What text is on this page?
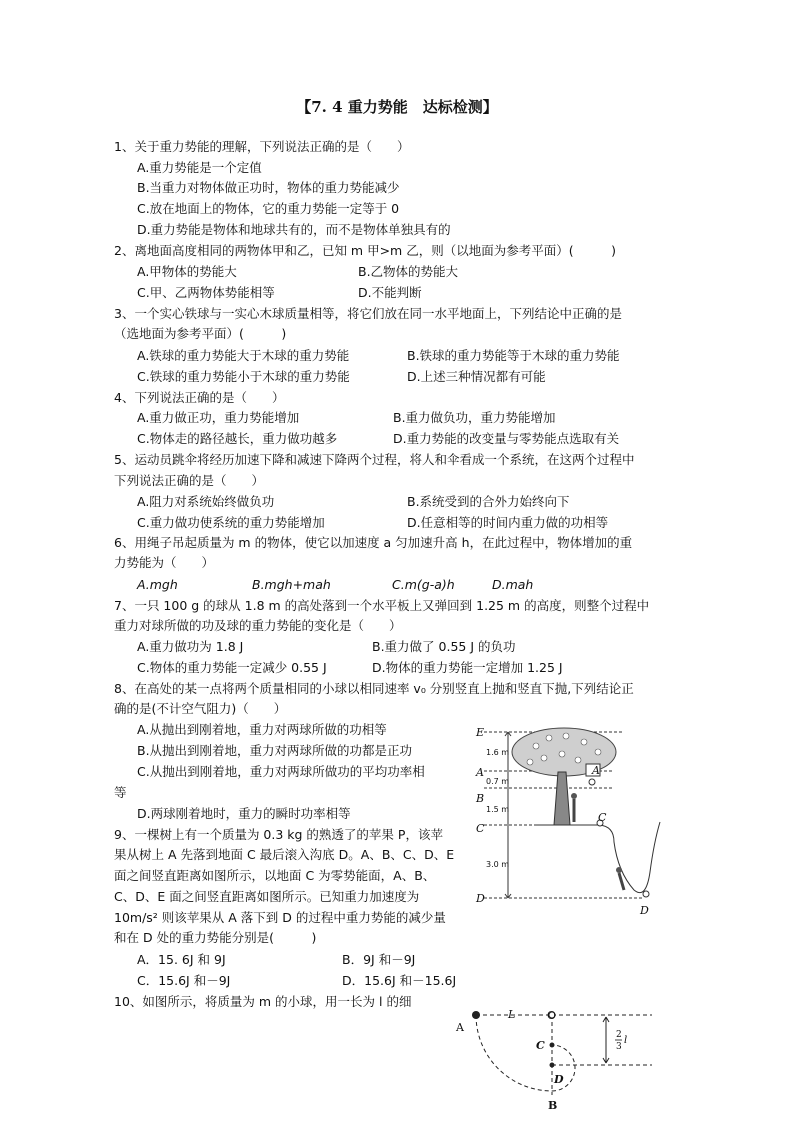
【7. 4 重力势能　达标检测】
1、关于重力势能的理解，下列说法正确的是（　　）
A.重力势能是一个定值
B.当重力对物体做正功时，物体的重力势能减少
C.放在地面上的物体，它的重力势能一定等于 0
D.重力势能是物体和地球共有的，而不是物体单独具有的
2、离地面高度相同的两物体甲和乙，已知 m 甲>m 乙，则（以地面为参考平面）(　　　)
A.甲物体的势能大	B.乙物体的势能大
C.甲、乙两物体势能相等	D.不能判断
3、一个实心铁球与一实心木球质量相等，将它们放在同一水平地面上，下列结论中正确的是
（选地面为参考平面）(　　　)
A.铁球的重力势能大于木球的重力势能	B.铁球的重力势能等于木球的重力势能
C.铁球的重力势能小于木球的重力势能	D.上述三种情况都有可能
4、下列说法正确的是（　　）
A.重力做正功，重力势能增加	B.重力做负功，重力势能增加
C.物体走的路径越长，重力做功越多	D.重力势能的改变量与零势能点选取有关
5、运动员跳伞将经历加速下降和减速下降两个过程，将人和伞看成一个系统，在这两个过程中
下列说法正确的是（　　）
A.阻力对系统始终做负功	B.系统受到的合外力始终向下
C.重力做功使系统的重力势能增加	D.任意相等的时间内重力做的功相等
6、用绳子吊起质量为 m 的物体，使它以加速度 a 匀加速升高 h，在此过程中，物体增加的重
力势能为（　　）
A.mgh	B.mgh+mah	C.m(g-a)h	D.mah
7、一只 100 g 的球从 1.8 m 的高处落到一个水平板上又弹回到 1.25 m 的高度，则整个过程中
重力对球所做的功及球的重力势能的变化是（　　）
A.重力做功为 1.8 J	B.重力做了 0.55 J 的负功
C.物体的重力势能一定减少 0.55 J	D.物体的重力势能一定增加 1.25 J
8、在高处的某一点将两个质量相同的小球以相同速率 v₀ 分别竖直上抛和竖直下抛,下列结论正
确的是(不计空气阻力)（　　）
A.从抛出到刚着地，重力对两球所做的功相等
B.从抛出到刚着地，重力对两球所做的功都是正功
C.从抛出到刚着地，重力对两球所做功的平均功率相
等
D.两球刚着地时，重力的瞬时功率相等
9、一棵树上有一个质量为 0.3 kg 的熟透了的苹果 P，该苹
果从树上 A 先落到地面 C 最后滚入沟底 D。A、B、C、D、E
面之间竖直距离如图所示，以地面 C 为零势能面，A、B、
C、D、E 面之间竖直距离如图所示。已知重力加速度为
10m/s² 则该苹果从 A 落下到 D 的过程中重力势能的减少量
和在 D 处的重力势能分别是(　　　)
A．15. 6J 和 9J	B．9J 和－9J
C．15.6J 和－9J	D．15.6J 和－15.6J
10、如图所示，将质量为 m 的小球，用一长为 l 的细
E
A
B
C
D
1.6 m
0.7 m
1.5 m
3.0 m
A
C
D
A
L	O
C
D
B
2
3
l
